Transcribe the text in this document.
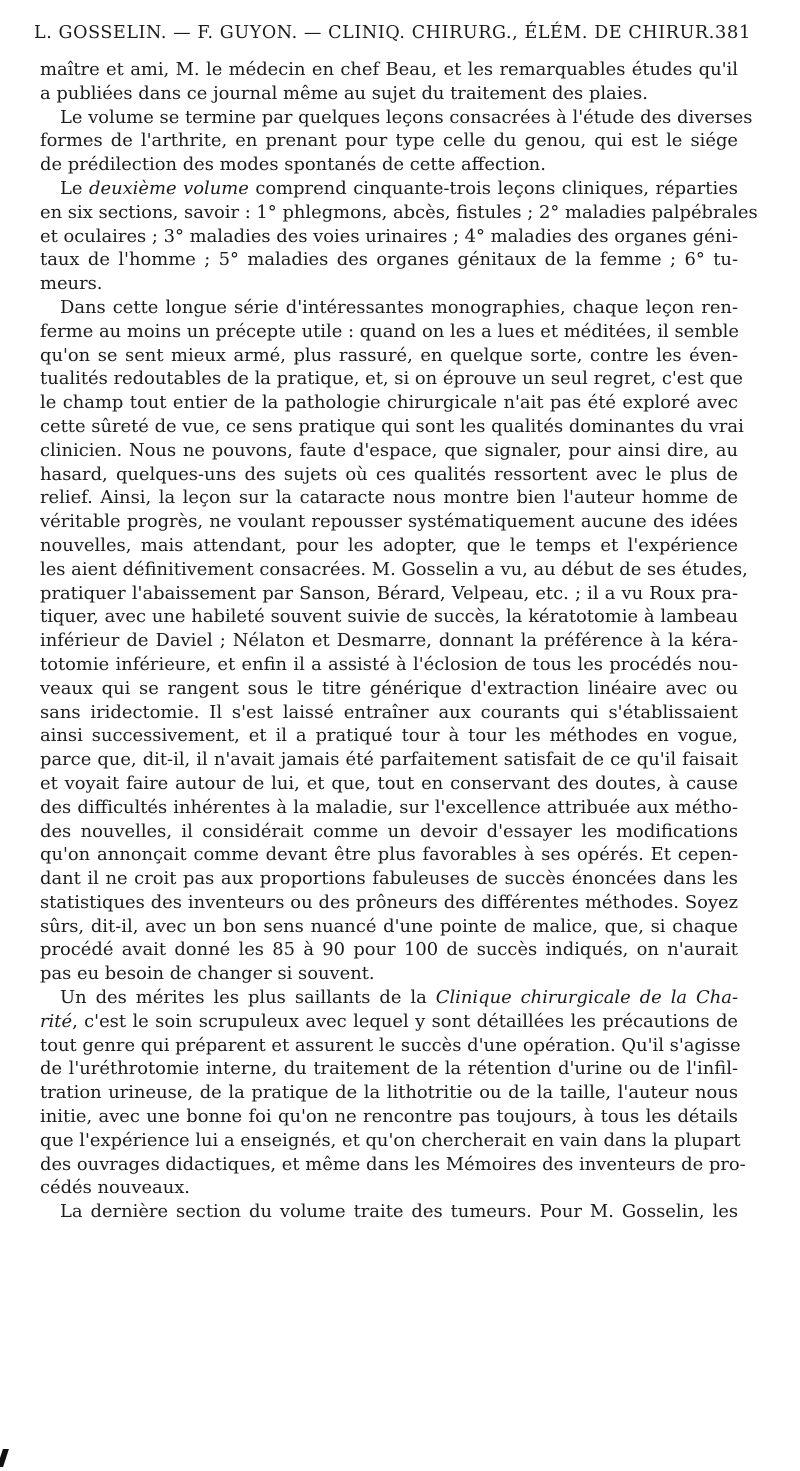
L. GOSSELIN. — F. GUYON. — CLINIQ. CHIRURG., ÉLÉM. DE CHIRUR. 381
maître et ami, M. le médecin en chef Beau, et les remarquables études qu'il
a publiées dans ce journal même au sujet du traitement des plaies.
Le volume se termine par quelques leçons consacrées à l'étude des diverses
formes de l'arthrite, en prenant pour type celle du genou, qui est le siége
de prédilection des modes spontanés de cette affection.
Le deuxième volume comprend cinquante-trois leçons cliniques, réparties
en six sections, savoir : 1° phlegmons, abcès, fistules ; 2° maladies palpébrales
et oculaires ; 3° maladies des voies urinaires ; 4° maladies des organes géni-
taux de l'homme ; 5° maladies des organes génitaux de la femme ; 6° tu-
meurs.
Dans cette longue série d'intéressantes monographies, chaque leçon ren-
ferme au moins un précepte utile : quand on les a lues et méditées, il semble
qu'on se sent mieux armé, plus rassuré, en quelque sorte, contre les éven-
tualités redoutables de la pratique, et, si on éprouve un seul regret, c'est que
le champ tout entier de la pathologie chirurgicale n'ait pas été exploré avec
cette sûreté de vue, ce sens pratique qui sont les qualités dominantes du vrai
clinicien. Nous ne pouvons, faute d'espace, que signaler, pour ainsi dire, au
hasard, quelques-uns des sujets où ces qualités ressortent avec le plus de
relief. Ainsi, la leçon sur la cataracte nous montre bien l'auteur homme de
véritable progrès, ne voulant repousser systématiquement aucune des idées
nouvelles, mais attendant, pour les adopter, que le temps et l'expérience
les aient définitivement consacrées. M. Gosselin a vu, au début de ses études,
pratiquer l'abaissement par Sanson, Bérard, Velpeau, etc. ; il a vu Roux pra-
tiquer, avec une habileté souvent suivie de succès, la kératotomie à lambeau
inférieur de Daviel ; Nélaton et Desmarre, donnant la préférence à la kéra-
totomie inférieure, et enfin il a assisté à l'éclosion de tous les procédés nou-
veaux qui se rangent sous le titre générique d'extraction linéaire avec ou
sans iridectomie. Il s'est laissé entraîner aux courants qui s'établissaient
ainsi successivement, et il a pratiqué tour à tour les méthodes en vogue,
parce que, dit-il, il n'avait jamais été parfaitement satisfait de ce qu'il faisait
et voyait faire autour de lui, et que, tout en conservant des doutes, à cause
des difficultés inhérentes à la maladie, sur l'excellence attribuée aux métho-
des nouvelles, il considérait comme un devoir d'essayer les modifications
qu'on annonçait comme devant être plus favorables à ses opérés. Et cepen-
dant il ne croit pas aux proportions fabuleuses de succès énoncées dans les
statistiques des inventeurs ou des prôneurs des différentes méthodes. Soyez
sûrs, dit-il, avec un bon sens nuancé d'une pointe de malice, que, si chaque
procédé avait donné les 85 à 90 pour 100 de succès indiqués, on n'aurait
pas eu besoin de changer si souvent.
Un des mérites les plus saillants de la Clinique chirurgicale de la Cha-
rité, c'est le soin scrupuleux avec lequel y sont détaillées les précautions de
tout genre qui préparent et assurent le succès d'une opération. Qu'il s'agisse
de l'uréthrotomie interne, du traitement de la rétention d'urine ou de l'infil-
tration urineuse, de la pratique de la lithotritie ou de la taille, l'auteur nous
initie, avec une bonne foi qu'on ne rencontre pas toujours, à tous les détails
que l'expérience lui a enseignés, et qu'on chercherait en vain dans la plupart
des ouvrages didactiques, et même dans les Mémoires des inventeurs de pro-
cédés nouveaux.
La dernière section du volume traite des tumeurs. Pour M. Gosselin, les
